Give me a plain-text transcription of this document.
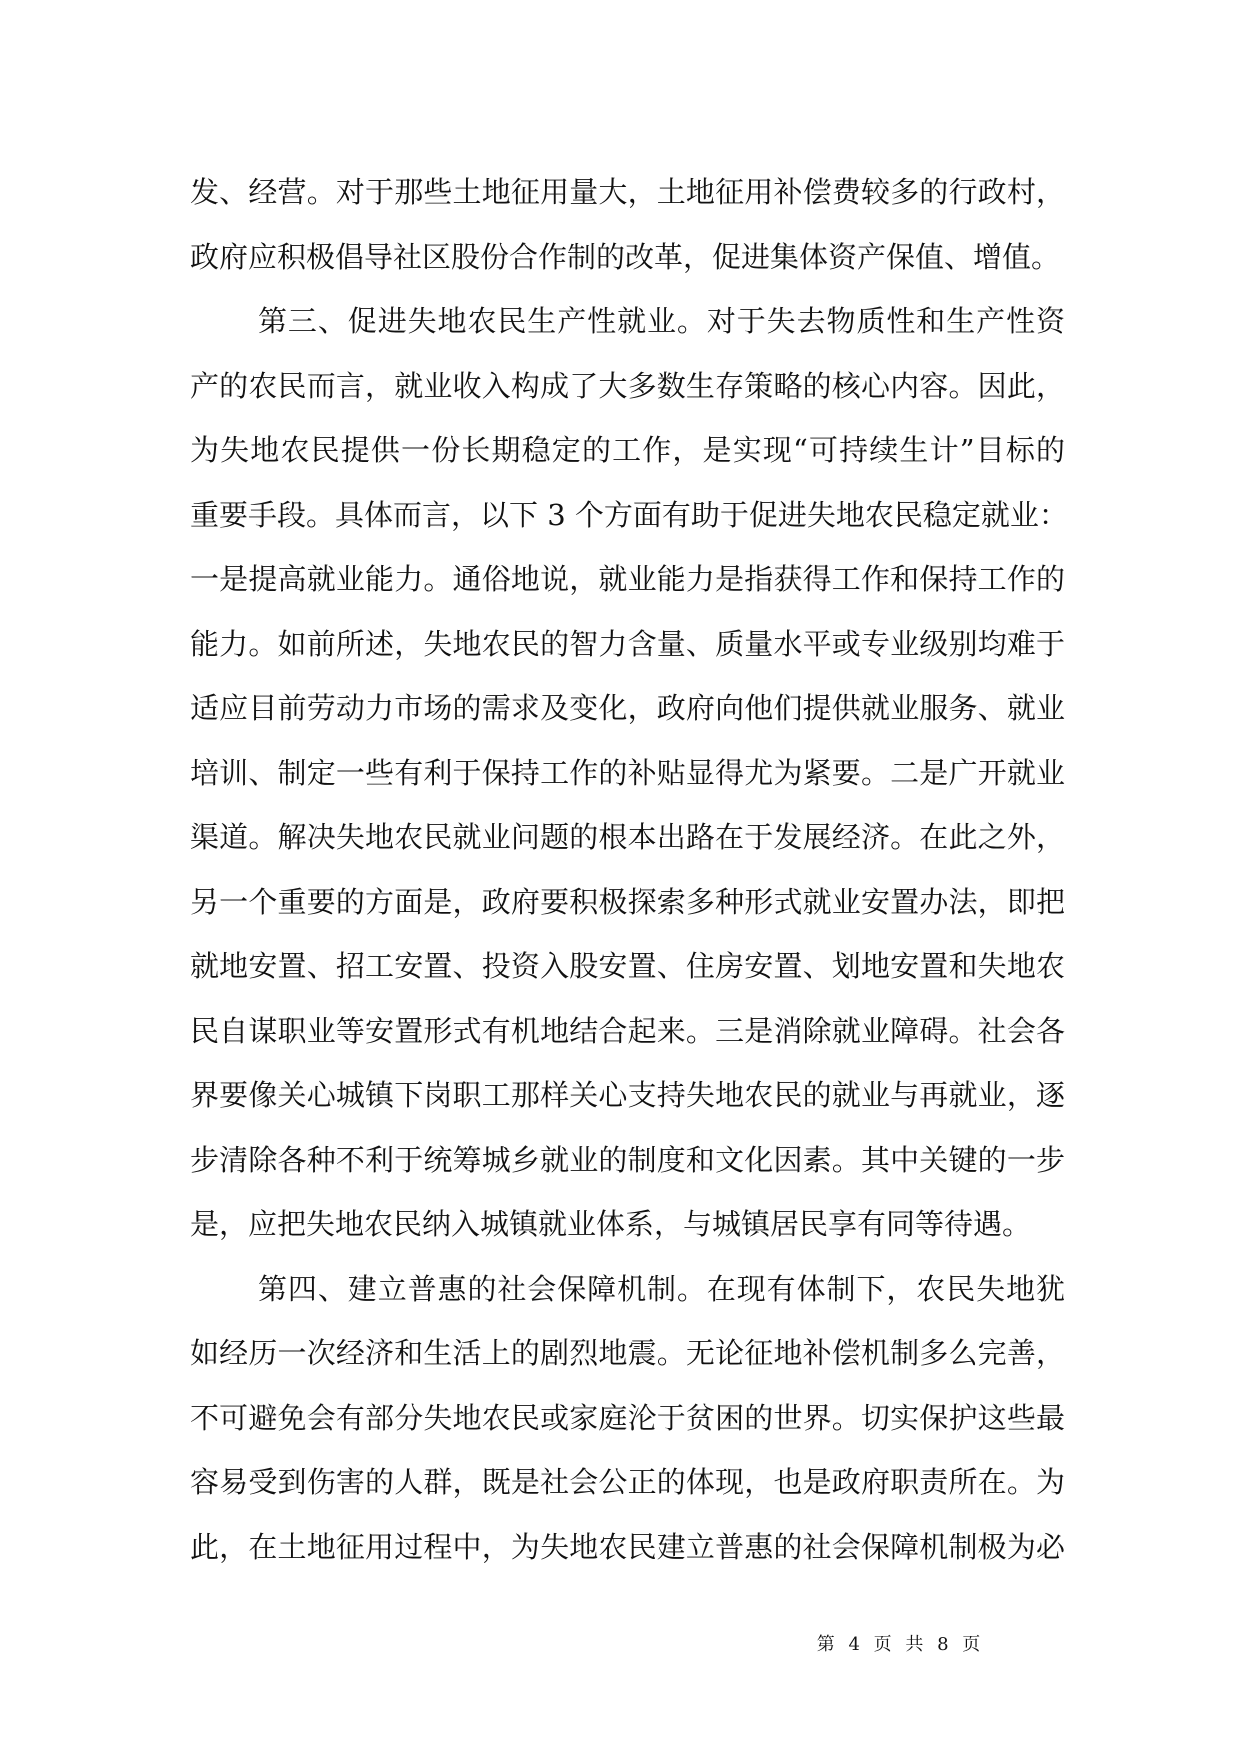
发、经营。对于那些土地征用量大，土地征用补偿费较多的行政村，
政府应积极倡导社区股份合作制的改革，促进集体资产保值、增值。
第三、促进失地农民生产性就业。对于失去物质性和生产性资
产的农民而言，就业收入构成了大多数生存策略的核心内容。因此，
为失地农民提供一份长期稳定的工作，是实现“可持续生计”目标的
重要手段。具体而言，以下 3 个方面有助于促进失地农民稳定就业：
一是提高就业能力。通俗地说，就业能力是指获得工作和保持工作的
能力。如前所述，失地农民的智力含量、质量水平或专业级别均难于
适应目前劳动力市场的需求及变化，政府向他们提供就业服务、就业
培训、制定一些有利于保持工作的补贴显得尤为紧要。二是广开就业
渠道。解决失地农民就业问题的根本出路在于发展经济。在此之外，
另一个重要的方面是，政府要积极探索多种形式就业安置办法，即把
就地安置、招工安置、投资入股安置、住房安置、划地安置和失地农
民自谋职业等安置形式有机地结合起来。三是消除就业障碍。社会各
界要像关心城镇下岗职工那样关心支持失地农民的就业与再就业，逐
步清除各种不利于统筹城乡就业的制度和文化因素。其中关键的一步
是，应把失地农民纳入城镇就业体系，与城镇居民享有同等待遇。
第四、建立普惠的社会保障机制。在现有体制下，农民失地犹
如经历一次经济和生活上的剧烈地震。无论征地补偿机制多么完善，
不可避免会有部分失地农民或家庭沦于贫困的世界。切实保护这些最
容易受到伤害的人群，既是社会公正的体现，也是政府职责所在。为
此，在土地征用过程中，为失地农民建立普惠的社会保障机制极为必
第 4 页 共 8 页
